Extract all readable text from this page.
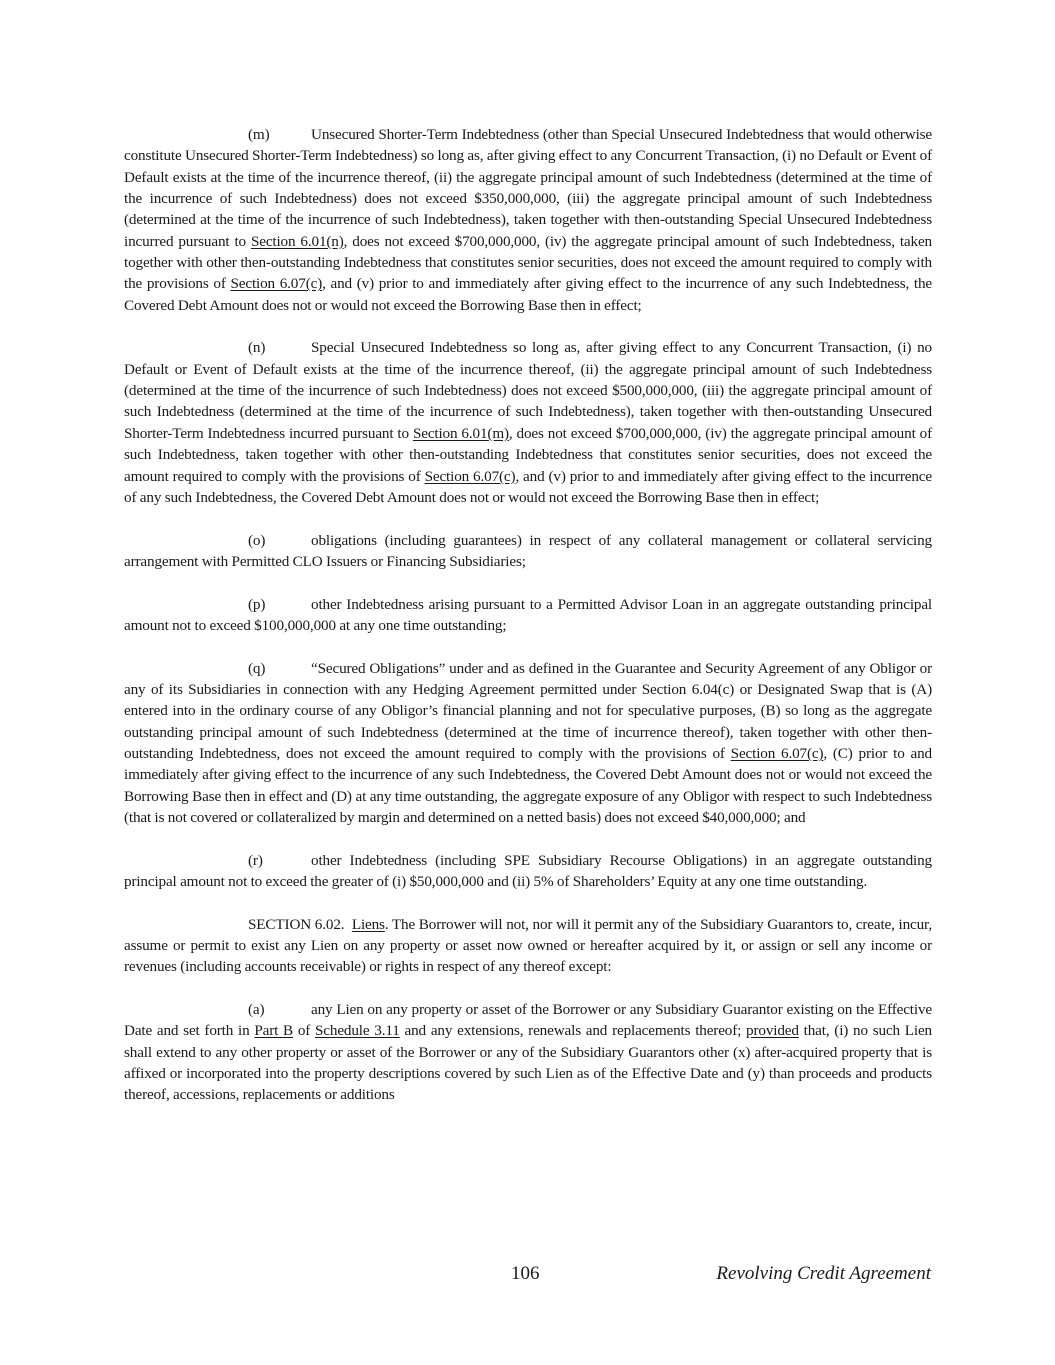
(m)	Unsecured Shorter-Term Indebtedness (other than Special Unsecured Indebtedness that would otherwise constitute Unsecured Shorter-Term Indebtedness) so long as, after giving effect to any Concurrent Transaction, (i) no Default or Event of Default exists at the time of the incurrence thereof, (ii) the aggregate principal amount of such Indebtedness (determined at the time of the incurrence of such Indebtedness) does not exceed $350,000,000, (iii) the aggregate principal amount of such Indebtedness (determined at the time of the incurrence of such Indebtedness), taken together with then-outstanding Special Unsecured Indebtedness incurred pursuant to Section 6.01(n), does not exceed $700,000,000, (iv) the aggregate principal amount of such Indebtedness, taken together with other then-outstanding Indebtedness that constitutes senior securities, does not exceed the amount required to comply with the provisions of Section 6.07(c), and (v) prior to and immediately after giving effect to the incurrence of any such Indebtedness, the Covered Debt Amount does not or would not exceed the Borrowing Base then in effect;

(n)	Special Unsecured Indebtedness so long as, after giving effect to any Concurrent Transaction, (i) no Default or Event of Default exists at the time of the incurrence thereof, (ii) the aggregate principal amount of such Indebtedness (determined at the time of the incurrence of such Indebtedness) does not exceed $500,000,000, (iii) the aggregate principal amount of such Indebtedness (determined at the time of the incurrence of such Indebtedness), taken together with then-outstanding Unsecured Shorter-Term Indebtedness incurred pursuant to Section 6.01(m), does not exceed $700,000,000, (iv) the aggregate principal amount of such Indebtedness, taken together with other then-outstanding Indebtedness that constitutes senior securities, does not exceed the amount required to comply with the provisions of Section 6.07(c), and (v) prior to and immediately after giving effect to the incurrence of any such Indebtedness, the Covered Debt Amount does not or would not exceed the Borrowing Base then in effect;

(o)	obligations (including guarantees) in respect of any collateral management or collateral servicing arrangement with Permitted CLO Issuers or Financing Subsidiaries;

(p)	other Indebtedness arising pursuant to a Permitted Advisor Loan in an aggregate outstanding principal amount not to exceed $100,000,000 at any one time outstanding;

(q)	“Secured Obligations” under and as defined in the Guarantee and Security Agreement of any Obligor or any of its Subsidiaries in connection with any Hedging Agreement permitted under Section 6.04(c) or Designated Swap that is (A) entered into in the ordinary course of any Obligor’s financial planning and not for speculative purposes, (B) so long as the aggregate outstanding principal amount of such Indebtedness (determined at the time of incurrence thereof), taken together with other then-outstanding Indebtedness, does not exceed the amount required to comply with the provisions of Section 6.07(c), (C) prior to and immediately after giving effect to the incurrence of any such Indebtedness, the Covered Debt Amount does not or would not exceed the Borrowing Base then in effect and (D) at any time outstanding, the aggregate exposure of any Obligor with respect to such Indebtedness (that is not covered or collateralized by margin and determined on a netted basis) does not exceed $40,000,000; and

(r)	other Indebtedness (including SPE Subsidiary Recourse Obligations) in an aggregate outstanding principal amount not to exceed the greater of (i) $50,000,000 and (ii) 5% of Shareholders’ Equity at any one time outstanding.

SECTION 6.02. Liens. The Borrower will not, nor will it permit any of the Subsidiary Guarantors to, create, incur, assume or permit to exist any Lien on any property or asset now owned or hereafter acquired by it, or assign or sell any income or revenues (including accounts receivable) or rights in respect of any thereof except:

(a)	any Lien on any property or asset of the Borrower or any Subsidiary Guarantor existing on the Effective Date and set forth in Part B of Schedule 3.11 and any extensions, renewals and replacements thereof; provided that, (i) no such Lien shall extend to any other property or asset of the Borrower or any of the Subsidiary Guarantors other (x) after-acquired property that is affixed or incorporated into the property descriptions covered by such Lien as of the Effective Date and (y) than proceeds and products thereof, accessions, replacements or additions

106	Revolving Credit Agreement
